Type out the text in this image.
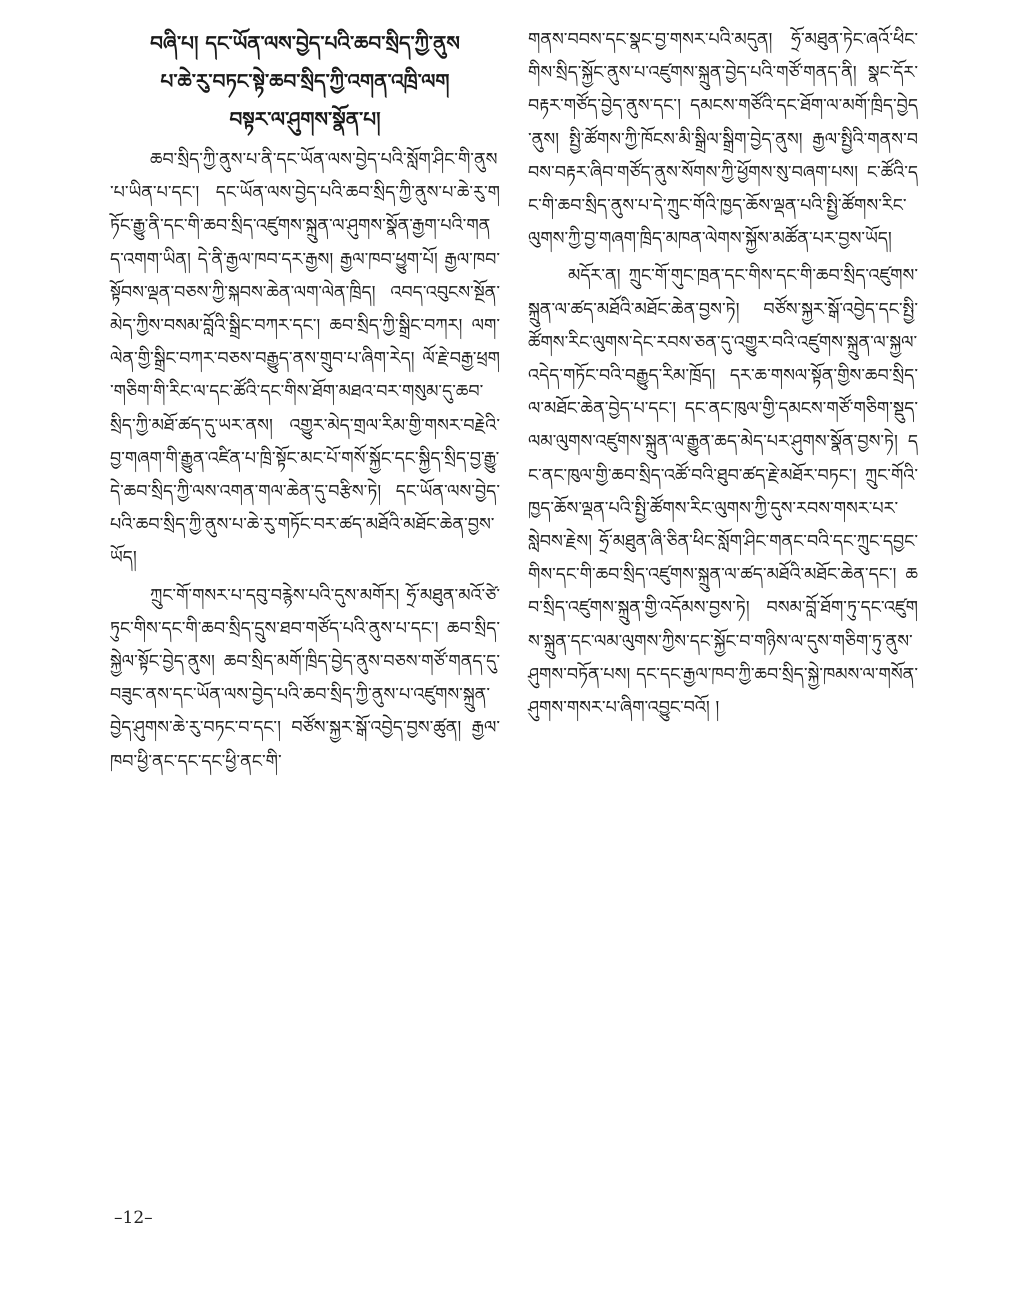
བཞི་པ། དང་ཡོན་ལས་བྱེད་པའི་ཆབ་སྲིད་ཀྱི་ནུས

པ་ཆེ་རུ་བཏང་སྟེ་ཆབ་སྲིད་ཀྱི་འགན་འཁྲི་ལག

བསྟར་ལ་ཤུགས་སྣོན་པ།

ཆབ་སྲིད་ཀྱི་ནུས་པ་ནི་དང་ཡོན་ལས་བྱེད་པའི་སློག་ཤིང་གི་ནུས་པ་ཡིན་པ་དང་། དང་ཡོན་ལས་བྱེད་པའི་ཆབ་སྲིད་ཀྱི་ནུས་པ་ཆེ་རུ་གཏོང་རྒྱུ་ནི་དང་གི་ཆབ་སྲིད་འཛུགས་སྐྲུན་ལ་ཤུགས་སྣོན་རྒྱག་པའི་གནད་འགག་ཡིན། དེ་ནི་རྒྱལ་ཁབ་དར་རྒྱས། རྒྱལ་ཁབ་ཕྱུག་པོ། རྒྱལ་ཁབ་སྟོབས་ལྡན་བཅས་ཀྱི་སྐབས་ཆེན་ལག་ལེན་ཁྲིད། འབད་འབུངས་སྔོན་མེད་ཀྱིས་བསམ་བློའི་སྒྲིང་བཀར་དང་། ཆབ་སྲིད་ཀྱི་སྒྲིང་བཀར། ལག་ལེན་གྱི་སྒྲིང་བཀར་བཅས་བརྒྱུད་ནས་གྲུབ་པ་ཞིག་རེད། ལོ་རྗེ་བརྒྱ་ཕྲག་གཅིག་གི་རིང་ལ་དང་ཚོའི་དང་གིས་ཐོག་མཐའ་བར་གསུམ་དུ་ཆབ་སྲིད་ཀྱི་མཐོ་ཚད་དུ་ཡར་ནས། འགྱུར་མེད་གྲལ་རིམ་གྱི་གསར་བརྗེའི་བྱ་གཞག་གི་རྒྱུན་འཛིན་པ་ཁྲི་སྟོང་མང་པོ་གསོ་སྐྱོང་དང་སྐྱིད་སྲིད་བྱ་རྒྱུ་དེ་ཆབ་སྲིད་ཀྱི་ལས་འགན་གལ་ཆེན་དུ་བརྩིས་ཏེ། དང་ཡོན་ལས་བྱེད་པའི་ཆབ་སྲིད་ཀྱི་ནུས་པ་ཆེ་རུ་གཏོང་བར་ཚད་མཐོའི་མཐོང་ཆེན་བྱས་ཡོད།

ཀྲུང་གོ་གསར་པ་དབུ་བརྙེས་པའི་དུས་མགོར། ཧྲོ་མཐུན་མའོ་ཙེ་ཏུང་གིས་དང་གི་ཆབ་སྲིད་དྲུས་ཐབ་གཙོད་པའི་ནུས་པ་དང་། ཆབ་སྲིད་སྐྱེལ་སྟོང་བྱེད་ནུས། ཆབ་སྲིད་མགོ་ཁྲིད་བྱེད་ནུས་བཅས་གཙོ་གནད་དུ་བཟུང་ནས་དང་ཡོན་ལས་བྱེད་པའི་ཆབ་སྲིད་ཀྱི་ནུས་པ་འཛུགས་སྐྲུན་བྱེད་ཤུགས་ཆེ་རུ་བཏང་བ་དང་། བཙོས་སྐྱར་སྒོ་འབྱེད་བྱས་ཚུན། རྒྱལ་ཁབ་ཕྱི་ནང་དང་དང་ཕྱི་ནང་གི་

གནས་བབས་དང་སྣང་བྱ་གསར་པའི་མདུན། ཧྲོ་མཐུན་ཏེང་ཞའོ་ཕིང་གིས་སྲིད་སྐྱོང་ནུས་པ་འཛུགས་སྐྲུན་བྱེད་པའི་གཙོ་གནད་ནི། སྣང་དོར་བརྟར་གཙོད་བྱེད་ནུས་དང་། དམངས་གཙོའི་དང་ཐོག་ལ་མགོ་ཁྲིད་བྱེད་ནུས། སྤྱི་ཚོགས་ཀྱི་ཁོངས་མི་སྒྲིལ་སྒྲིག་བྱེད་ནུས། རྒྱལ་སྤྱིའི་གནས་བབས་བརྟར་ཞིབ་གཙོད་ནུས་སོགས་ཀྱི་ཕྱོགས་སུ་བཞག་པས། ང་ཚོའི་དང་གི་ཆབ་སྲིད་ནུས་པ་དེ་ཀྲུང་གོའི་ཁྱད་ཆོས་ལྡན་པའི་སྤྱི་ཚོགས་རིང་ལུགས་ཀྱི་བྱ་གཞག་ཁྲིད་མཁན་ལེགས་སྐྱོས་མཚོན་པར་བྱས་ཡོད།

མདོར་ན། ཀྲུང་གོ་གུང་ཁྲན་དང་གིས་དང་གི་ཆབ་སྲིད་འཛུགས་སྐྲུན་ལ་ཚད་མཐོའི་མཐོང་ཆེན་བྱས་ཏེ། བཙོས་སྐྱར་སྒོ་འབྱེད་དང་སྤྱི་ཚོགས་རིང་ལུགས་དེང་རབས་ཅན་དུ་འགྱུར་བའི་འཛུགས་སྐྲུན་ལ་སྐྱལ་འདེད་གཏོང་བའི་བརྒྱུད་རིམ་ཁྲོད། དར་ཆ་གསལ་སྟོན་གྱིས་ཆབ་སྲིད་ལ་མཐོང་ཆེན་བྱེད་པ་དང་། དང་ནང་ཁུལ་གྱི་དམངས་གཙོ་གཅིག་སྡུད་ལམ་ལུགས་འཛུགས་སྐྲུན་ལ་རྒྱུན་ཆད་མེད་པར་ཤུགས་སྣོན་བྱས་ཏེ། དང་ནང་ཁུལ་གྱི་ཆབ་སྲིད་འཚོ་བའི་ཐུབ་ཚད་རྗེ་མཐོར་བཏང་། ཀྲུང་གོའི་ཁྱད་ཆོས་ལྡན་པའི་སྤྱི་ཚོགས་རིང་ལུགས་ཀྱི་དུས་རབས་གསར་པར་སླེབས་རྗེས། ཧྲོ་མཐུན་ཞི་ཅིན་ཕིང་སློག་ཤིང་གནང་བའི་དང་ཀྲུང་དབྱང་གིས་དང་གི་ཆབ་སྲིད་འཛུགས་སྐྲུན་ལ་ཚད་མཐོའི་མཐོང་ཆེན་དང་། ཆབ་སྲིད་འཛུགས་སྐྲུན་གྱི་འདོམས་བྱས་ཏེ། བསམ་བློ་ཐོག་ཏུ་དང་འཛུགས་སྐྲུན་དང་ལམ་ལུགས་ཀྱིས་དང་སྐྱོང་བ་གཉིས་ལ་དུས་གཅིག་ཏུ་ནུས་ཤུགས་བཏོན་པས། དང་དང་རྒྱལ་ཁབ་ཀྱི་ཆབ་སྲིད་སྐྱེ་ཁམས་ལ་གསོན་ཤུགས་གསར་པ་ཞིག་འབྱུང་བའོ། །

–12–
